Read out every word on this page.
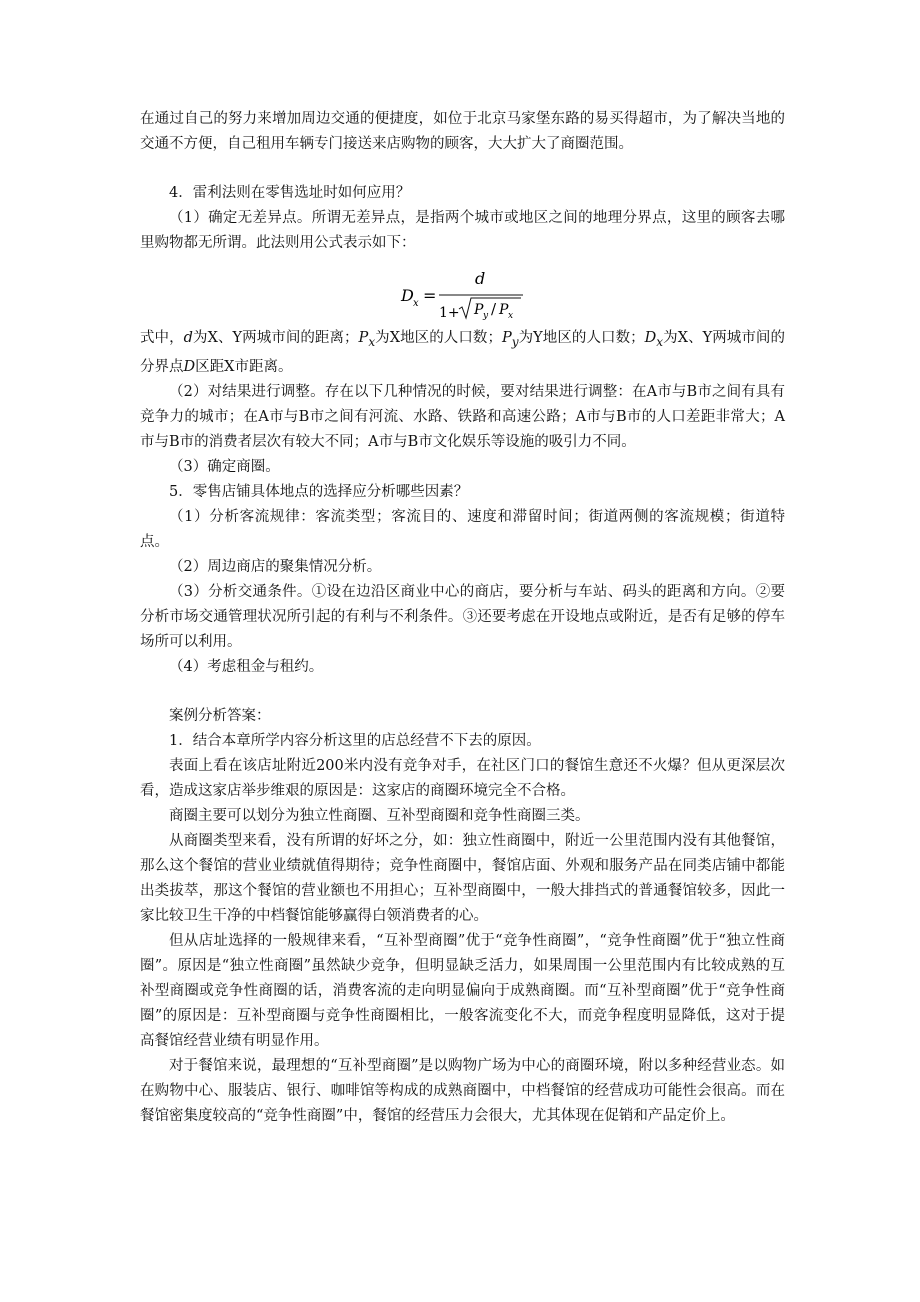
在通过自己的努力来增加周边交通的便捷度，如位于北京马家堡东路的易买得超市，为了解决当地的交通不方便，自己租用车辆专门接送来店购物的顾客，大大扩大了商圈范围。

4．雷利法则在零售选址时如何应用？

（1）确定无差异点。所谓无差异点，是指两个城市或地区之间的地理分界点，这里的顾客去哪里购物都无所谓。此法则用公式表示如下：

D x =
d
1+ P y / P x

式中，d为X、Y两城市间的距离；$P_x$为X地区的人口数；$P_y$为Y地区的人口数；$D_x$为X、Y两城市间的分界点D区距X市距离。

（2）对结果进行调整。存在以下几种情况的时候，要对结果进行调整：在A市与B市之间有具有竞争力的城市；在A市与B市之间有河流、水路、铁路和高速公路；A市与B市的人口差距非常大；A市与B市的消费者层次有较大不同；A市与B市文化娱乐等设施的吸引力不同。

（3）确定商圈。

5．零售店铺具体地点的选择应分析哪些因素？

（1）分析客流规律：客流类型；客流目的、速度和滞留时间；街道两侧的客流规模；街道特点。

（2）周边商店的聚集情况分析。

（3）分析交通条件。①设在边沿区商业中心的商店，要分析与车站、码头的距离和方向。②要分析市场交通管理状况所引起的有利与不利条件。③还要考虑在开设地点或附近，是否有足够的停车场所可以利用。

（4）考虑租金与租约。

案例分析答案：

1．结合本章所学内容分析这里的店总经营不下去的原因。

表面上看在该店址附近200米内没有竞争对手，在社区门口的餐馆生意还不火爆？但从更深层次看，造成这家店举步维艰的原因是：这家店的商圈环境完全不合格。

商圈主要可以划分为独立性商圈、互补型商圈和竞争性商圈三类。

从商圈类型来看，没有所谓的好坏之分，如：独立性商圈中，附近一公里范围内没有其他餐馆，那么这个餐馆的营业业绩就值得期待；竞争性商圈中，餐馆店面、外观和服务产品在同类店铺中都能出类拔萃，那这个餐馆的营业额也不用担心；互补型商圈中，一般大排挡式的普通餐馆较多，因此一家比较卫生干净的中档餐馆能够赢得白领消费者的心。

但从店址选择的一般规律来看，“互补型商圈”优于“竞争性商圈”，“竞争性商圈”优于“独立性商圈”。原因是“独立性商圈”虽然缺少竞争，但明显缺乏活力，如果周围一公里范围内有比较成熟的互补型商圈或竞争性商圈的话，消费客流的走向明显偏向于成熟商圈。而“互补型商圈”优于“竞争性商圈”的原因是：互补型商圈与竞争性商圈相比，一般客流变化不大，而竞争程度明显降低，这对于提高餐馆经营业绩有明显作用。

对于餐馆来说，最理想的“互补型商圈”是以购物广场为中心的商圈环境，附以多种经营业态。如在购物中心、服装店、银行、咖啡馆等构成的成熟商圈中，中档餐馆的经营成功可能性会很高。而在餐馆密集度较高的“竞争性商圈”中，餐馆的经营压力会很大，尤其体现在促销和产品定价上。
